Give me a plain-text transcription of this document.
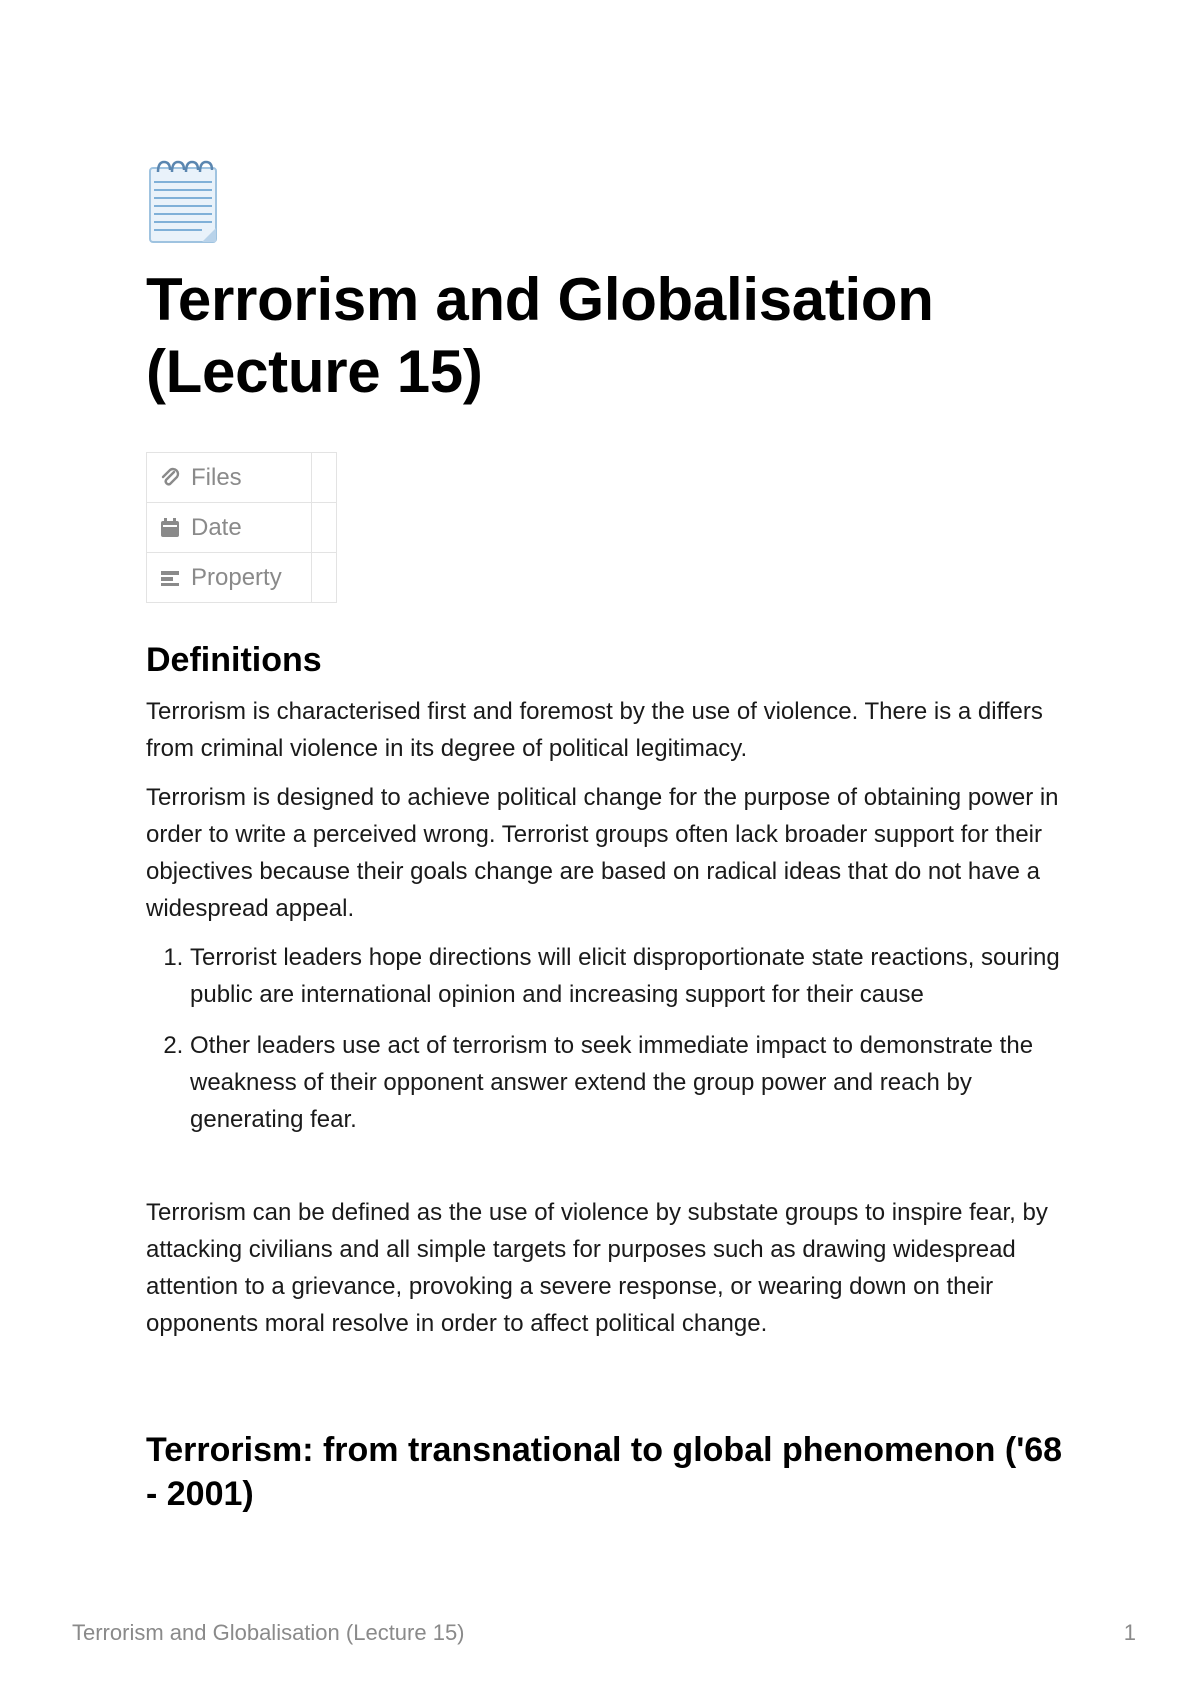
Terrorism and Globalisation (Lecture 15)
Files	
Date	
Property	
Definitions

Terrorism is characterised first and foremost by the use of violence. There is a differs from criminal violence in its degree of political legitimacy.

Terrorism is designed to achieve political change for the purpose of obtaining power in order to write a perceived wrong. Terrorist groups often lack broader support for their objectives because their goals change are based on radical ideas that do not have a widespread appeal.

1. Terrorist leaders hope directions will elicit disproportionate state reactions, souring public are international opinion and increasing support for their cause
2. Other leaders use act of terrorism to seek immediate impact to demonstrate the weakness of their opponent answer extend the group power and reach by generating fear.

Terrorism can be defined as the use of violence by substate groups to inspire fear, by attacking civilians and all simple targets for purposes such as drawing widespread attention to a grievance, provoking a severe response, or wearing down on their opponents moral resolve in order to affect political change.

Terrorism: from transnational to global phenomenon ('68 - 2001)
Terrorism and Globalisation (Lecture 15)	1
